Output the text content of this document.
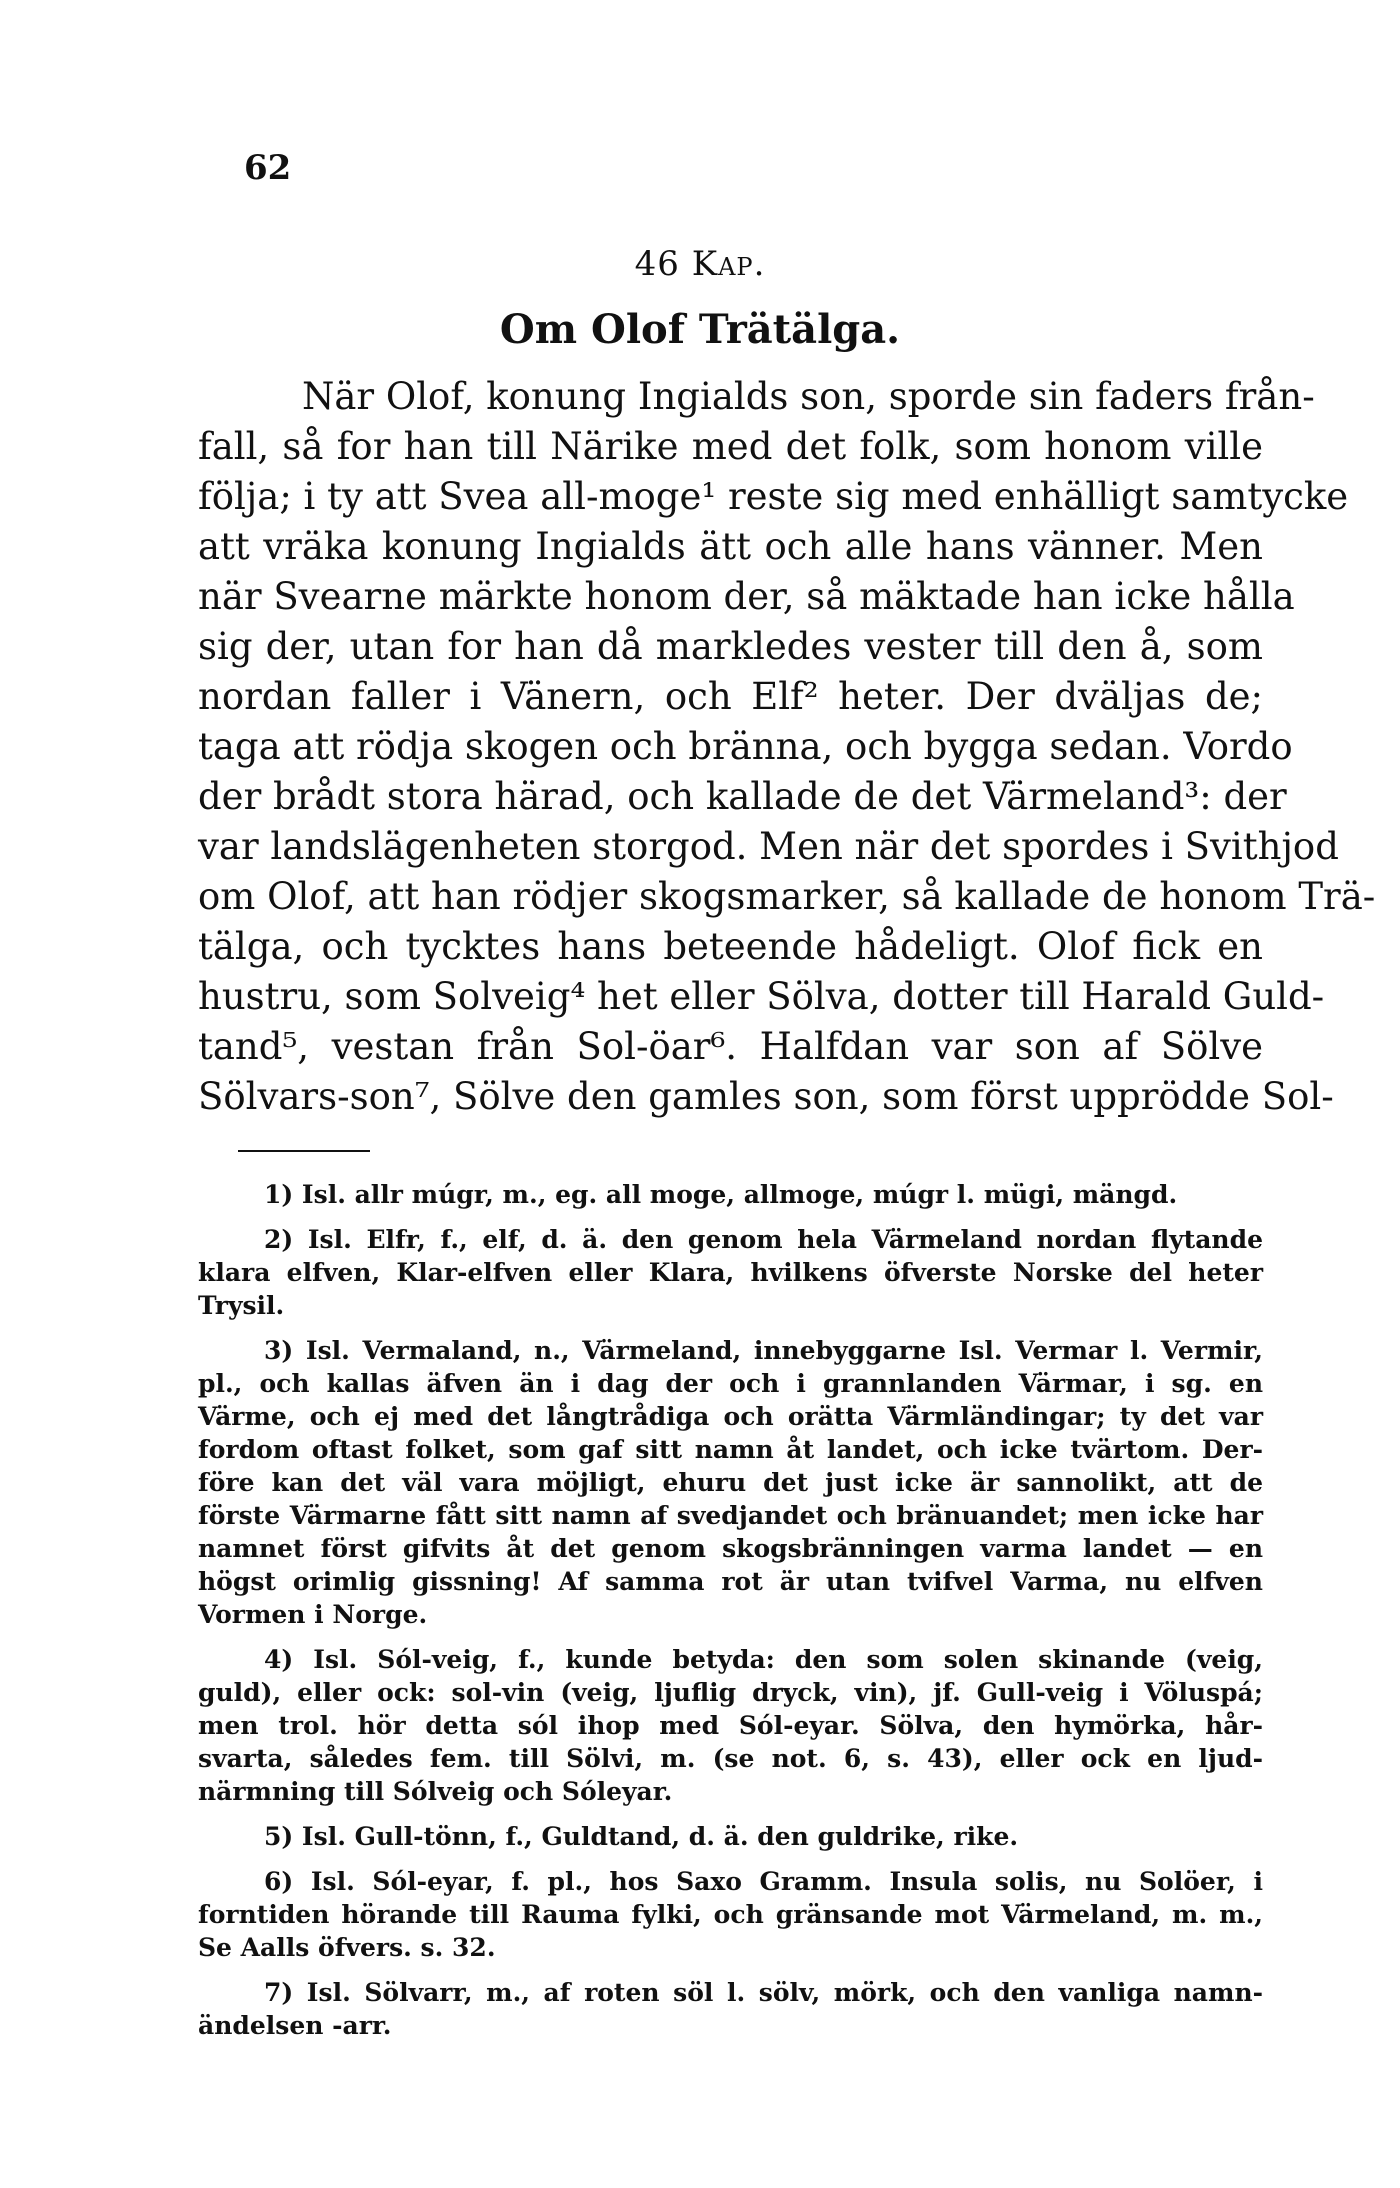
62
46 Kap.
Om Olof Trätälga.
När Olof, konung Ingialds son, sporde sin faders från-
fall, så for han till Närike med det folk, som honom ville
följa; i ty att Svea all-moge¹ reste sig med enhälligt samtycke
att vräka konung Ingialds ätt och alle hans vänner. Men
när Svearne märkte honom der, så mäktade han icke hålla
sig der, utan for han då markledes vester till den å, som
nordan faller i Vänern, och Elf² heter. Der dväljas de;
taga att rödja skogen och bränna, och bygga sedan. Vordo
der brådt stora härad, och kallade de det Värmeland³: der
var landslägenheten storgod. Men när det spordes i Svithjod
om Olof, att han rödjer skogsmarker, så kallade de honom Trä-
tälga, och tycktes hans beteende hådeligt. Olof fick en
hustru, som Solveig⁴ het eller Sölva, dotter till Harald Guld-
tand⁵, vestan från Sol-öar⁶. Halfdan var son af Sölve
Sölvars-son⁷, Sölve den gamles son, som först upprödde Sol-
1) Isl. allr múgr, m., eg. all moge, allmoge, múgr l. mügi, mängd.
2) Isl. Elfr, f., elf, d. ä. den genom hela Värmeland nordan flytande
klara elfven, Klar-elfven eller Klara, hvilkens öfverste Norske del heter
Trysil.
3) Isl. Vermaland, n., Värmeland, innebyggarne Isl. Vermar l. Vermir,
pl., och kallas äfven än i dag der och i grannlanden Värmar, i sg. en
Värme, och ej med det långtrådiga och orätta Värmländingar; ty det var
fordom oftast folket, som gaf sitt namn åt landet, och icke tvärtom. Der-
före kan det väl vara möjligt, ehuru det just icke är sannolikt, att de
förste Värmarne fått sitt namn af svedjandet och bränuandet; men icke har
namnet först gifvits åt det genom skogsbränningen varma landet — en
högst orimlig gissning! Af samma rot är utan tvifvel Varma, nu elfven
Vormen i Norge.
4) Isl. Sól-veig, f., kunde betyda: den som solen skinande (veig,
guld), eller ock: sol-vin (veig, ljuflig dryck, vin), jf. Gull-veig i Völuspá;
men trol. hör detta sól ihop med Sól-eyar. Sölva, den hymörka, hår-
svarta, således fem. till Sölvi, m. (se not. 6, s. 43), eller ock en ljud-
närmning till Sólveig och Sóleyar.
5) Isl. Gull-tönn, f., Guldtand, d. ä. den guldrike, rike.
6) Isl. Sól-eyar, f. pl., hos Saxo Gramm. Insula solis, nu Solöer, i
forntiden hörande till Rauma fylki, och gränsande mot Värmeland, m. m.,
Se Aalls öfvers. s. 32.
7) Isl. Sölvarr, m., af roten söl l. sölv, mörk, och den vanliga namn-
ändelsen -arr.
